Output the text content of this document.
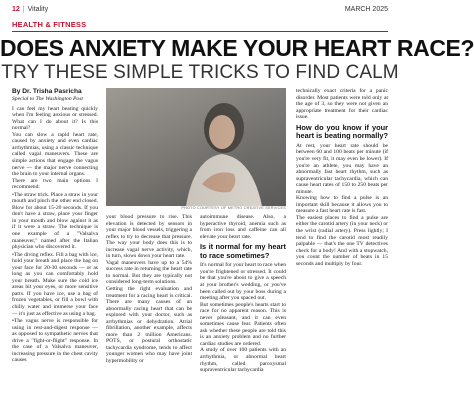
12 | Vitality	MARCH 2025
HEALTH & FITNESS
DOES ANXIETY MAKE YOUR HEART RACE?
TRY THESE SIMPLE TRICKS TO FIND CALM

By Dr. Trisha Pasricha

Special to The Washington Post

I can feel my heart beating quickly when I'm feeling anxious or stressed. What can I do about it? Is this normal?

You can slow a rapid heart rate, caused by anxiety and even cardiac arrhythmias, using a classic technique called vagal maneuvers. These are simple actions that engage the vagus nerve — the major nerve connecting the brain to your internal organs.

There are two main options I recommend:

• The straw trick. Place a straw in your mouth and pinch the other end closed. Blow for about 15-20 seconds. If you don't have a straw, place your finger in your mouth and blow against it as if it were a straw. The technique is one example of a "Valsalva maneuver," named after the Italian physician who discovered it.

• The diving reflex. Fill a bag with ice, hold your breath and place the bag on your face for 20-30 seconds — or as long as you can comfortably hold your breath. Make sure the cold ice areas hit your eyes, or more sensitive parts. If you have ice, use a bag of frozen vegetables, or fill a bowl with chilly water and immerse your face — it's just as effective as using a bag.

• The vagus nerve is responsible for using in rest-and-digest response — as opposed to sympathetic nerves that drive a "fight-or-flight" response. In the case of a Valsalva maneuver, increasing pressure in the chest cavity causes

PHOTO COURTESY OF METRO CREATIVE SERVICES

your blood pressure to rise. This elevation is detected by sensors in your major blood vessels, triggering a reflex to try to decrease that pressure. The way your body does this is to increase vagal nerve activity, which, in turn, slows down your heart rate.

Vagal maneuvers have up to a 54% success rate in returning the heart rate to normal. But they are typically not considered long-term solutions.

Getting the right evaluation and treatment for a racing heart is critical. There are many causes of an abnormally racing heart that can be explored with your doctor, such as arrhythmias or dehydration. Atrial fibrillation, another example, affects more than 2 million Americans. POTS, or postural orthostatic tachycardia syndrome, tends to affect younger women who may have joint hypermobility or

autoimmune disease. Also, a hyperactive thyroid, anemia such as from iron loss and caffeine can all elevate your heart rate.

Is it normal for my heart to race sometimes?

It's normal for your heart to race when you're frightened or stressed. It could be that you're about to give a speech at your brother's wedding, or you've been called out by your boss during a meeting after you spaced out.

But sometimes people's hearts start to race for no apparent reason. This is never pleasant, and it can even sometimes cause fear. Patients often ask whether these people are told this is an anxiety problem and no further cardiac studies are ordered.

A study of over 100 patients with an arrhythmia, or abnormal heart rhythm, called paroxysmal supraventricular tachycardia

technically exact criteria for a panic disorder. Most patients were told only at the age of 3, so they were not given an appropriate treatment for their cardiac issue.

How do you know if your heart is beating normally?

At rest, your heart rate should be between 60 and 100 beats per minute (if you're very fit, it may even be lower). If you're an athlete, you may have an abnormally fast heart rhythm, such as supraventricular tachycardia, which can cause heart rates of 150 to 250 beats per minute.

Knowing how to find a pulse is an important skill because it allows you to measure a fast heart rate is fast.

The easiest places to find a pulse are either the carotid artery (in your neck) or the wrist (radial artery). Press lightly; I tend to find the carotid most readily palpable — that's the one TV detectives check for a body! And with a stopwatch, you count the number of beats in 15 seconds and multiply by four.
